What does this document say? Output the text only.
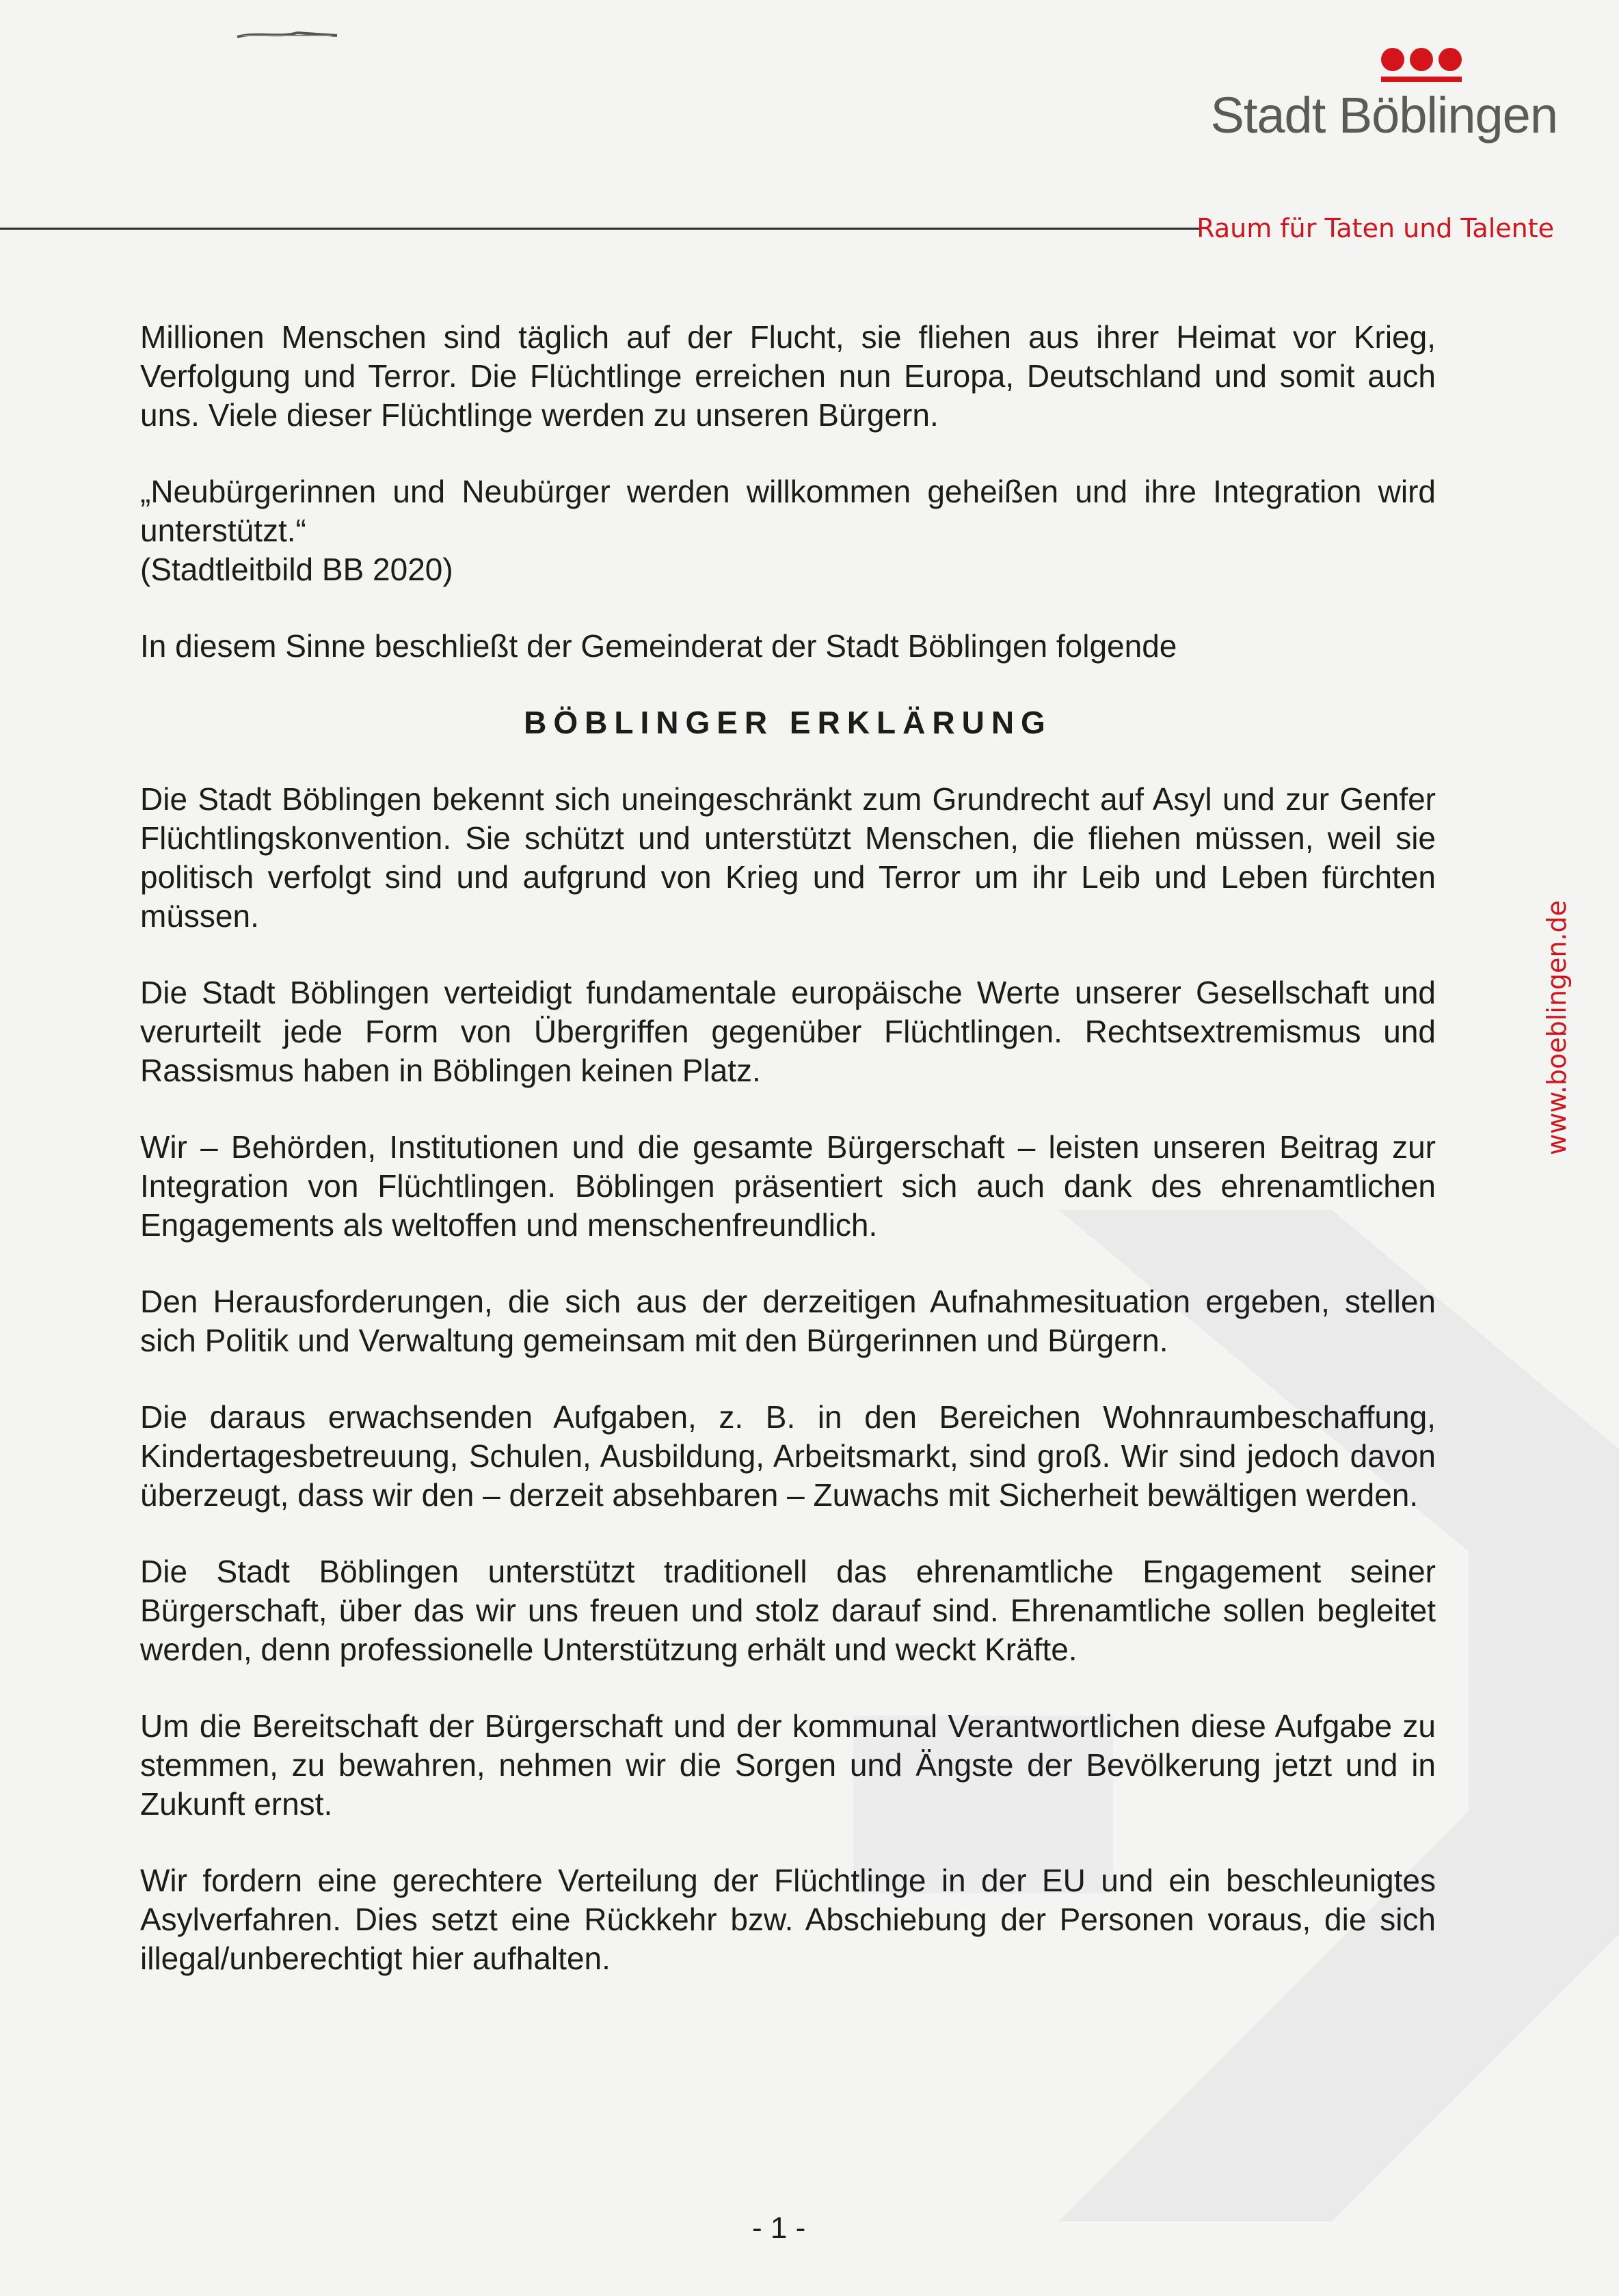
Stadt Böblingen
Raum für Taten und Talente
www.boeblingen.de

Millionen Menschen sind täglich auf der Flucht, sie fliehen aus ihrer Heimat vor Krieg, Verfolgung und Terror. Die Flüchtlinge erreichen nun Europa, Deutschland und somit auch uns. Viele dieser Flüchtlinge werden zu unseren Bürgern.

„Neubürgerinnen und Neubürger werden willkommen geheißen und ihre Integration wird unterstützt.“

(Stadtleitbild BB 2020)

In diesem Sinne beschließt der Gemeinderat der Stadt Böblingen folgende

BÖBLINGER ERKLÄRUNG

Die Stadt Böblingen bekennt sich uneingeschränkt zum Grundrecht auf Asyl und zur Genfer Flüchtlingskonvention. Sie schützt und unterstützt Menschen, die fliehen müssen, weil sie politisch verfolgt sind und aufgrund von Krieg und Terror um ihr Leib und Leben fürchten müssen.

Die Stadt Böblingen verteidigt fundamentale europäische Werte unserer Gesellschaft und verurteilt jede Form von Übergriffen gegenüber Flüchtlingen. Rechtsextremismus und Rassismus haben in Böblingen keinen Platz.

Wir – Behörden, Institutionen und die gesamte Bürgerschaft – leisten unseren Beitrag zur Integration von Flüchtlingen. Böblingen präsentiert sich auch dank des ehrenamtlichen Engagements als weltoffen und menschenfreundlich.

Den Herausforderungen, die sich aus der derzeitigen Aufnahmesituation ergeben, stellen sich Politik und Verwaltung gemeinsam mit den Bürgerinnen und Bürgern.

Die daraus erwachsenden Aufgaben, z. B. in den Bereichen Wohnraumbeschaffung, Kindertagesbetreuung, Schulen, Ausbildung, Arbeitsmarkt, sind groß. Wir sind jedoch davon überzeugt, dass wir den – derzeit absehbaren – Zuwachs mit Sicherheit bewältigen werden.

Die Stadt Böblingen unterstützt traditionell das ehrenamtliche Engagement seiner Bürgerschaft, über das wir uns freuen und stolz darauf sind. Ehrenamtliche sollen begleitet werden, denn professionelle Unterstützung erhält und weckt Kräfte.

Um die Bereitschaft der Bürgerschaft und der kommunal Verantwortlichen diese Aufgabe zu stemmen, zu bewahren, nehmen wir die Sorgen und Ängste der Bevölkerung jetzt und in Zukunft ernst.

Wir fordern eine gerechtere Verteilung der Flüchtlinge in der EU und ein beschleunigtes Asylverfahren. Dies setzt eine Rückkehr bzw. Abschiebung der Personen voraus, die sich illegal/unberechtigt hier aufhalten.

- 1 -
